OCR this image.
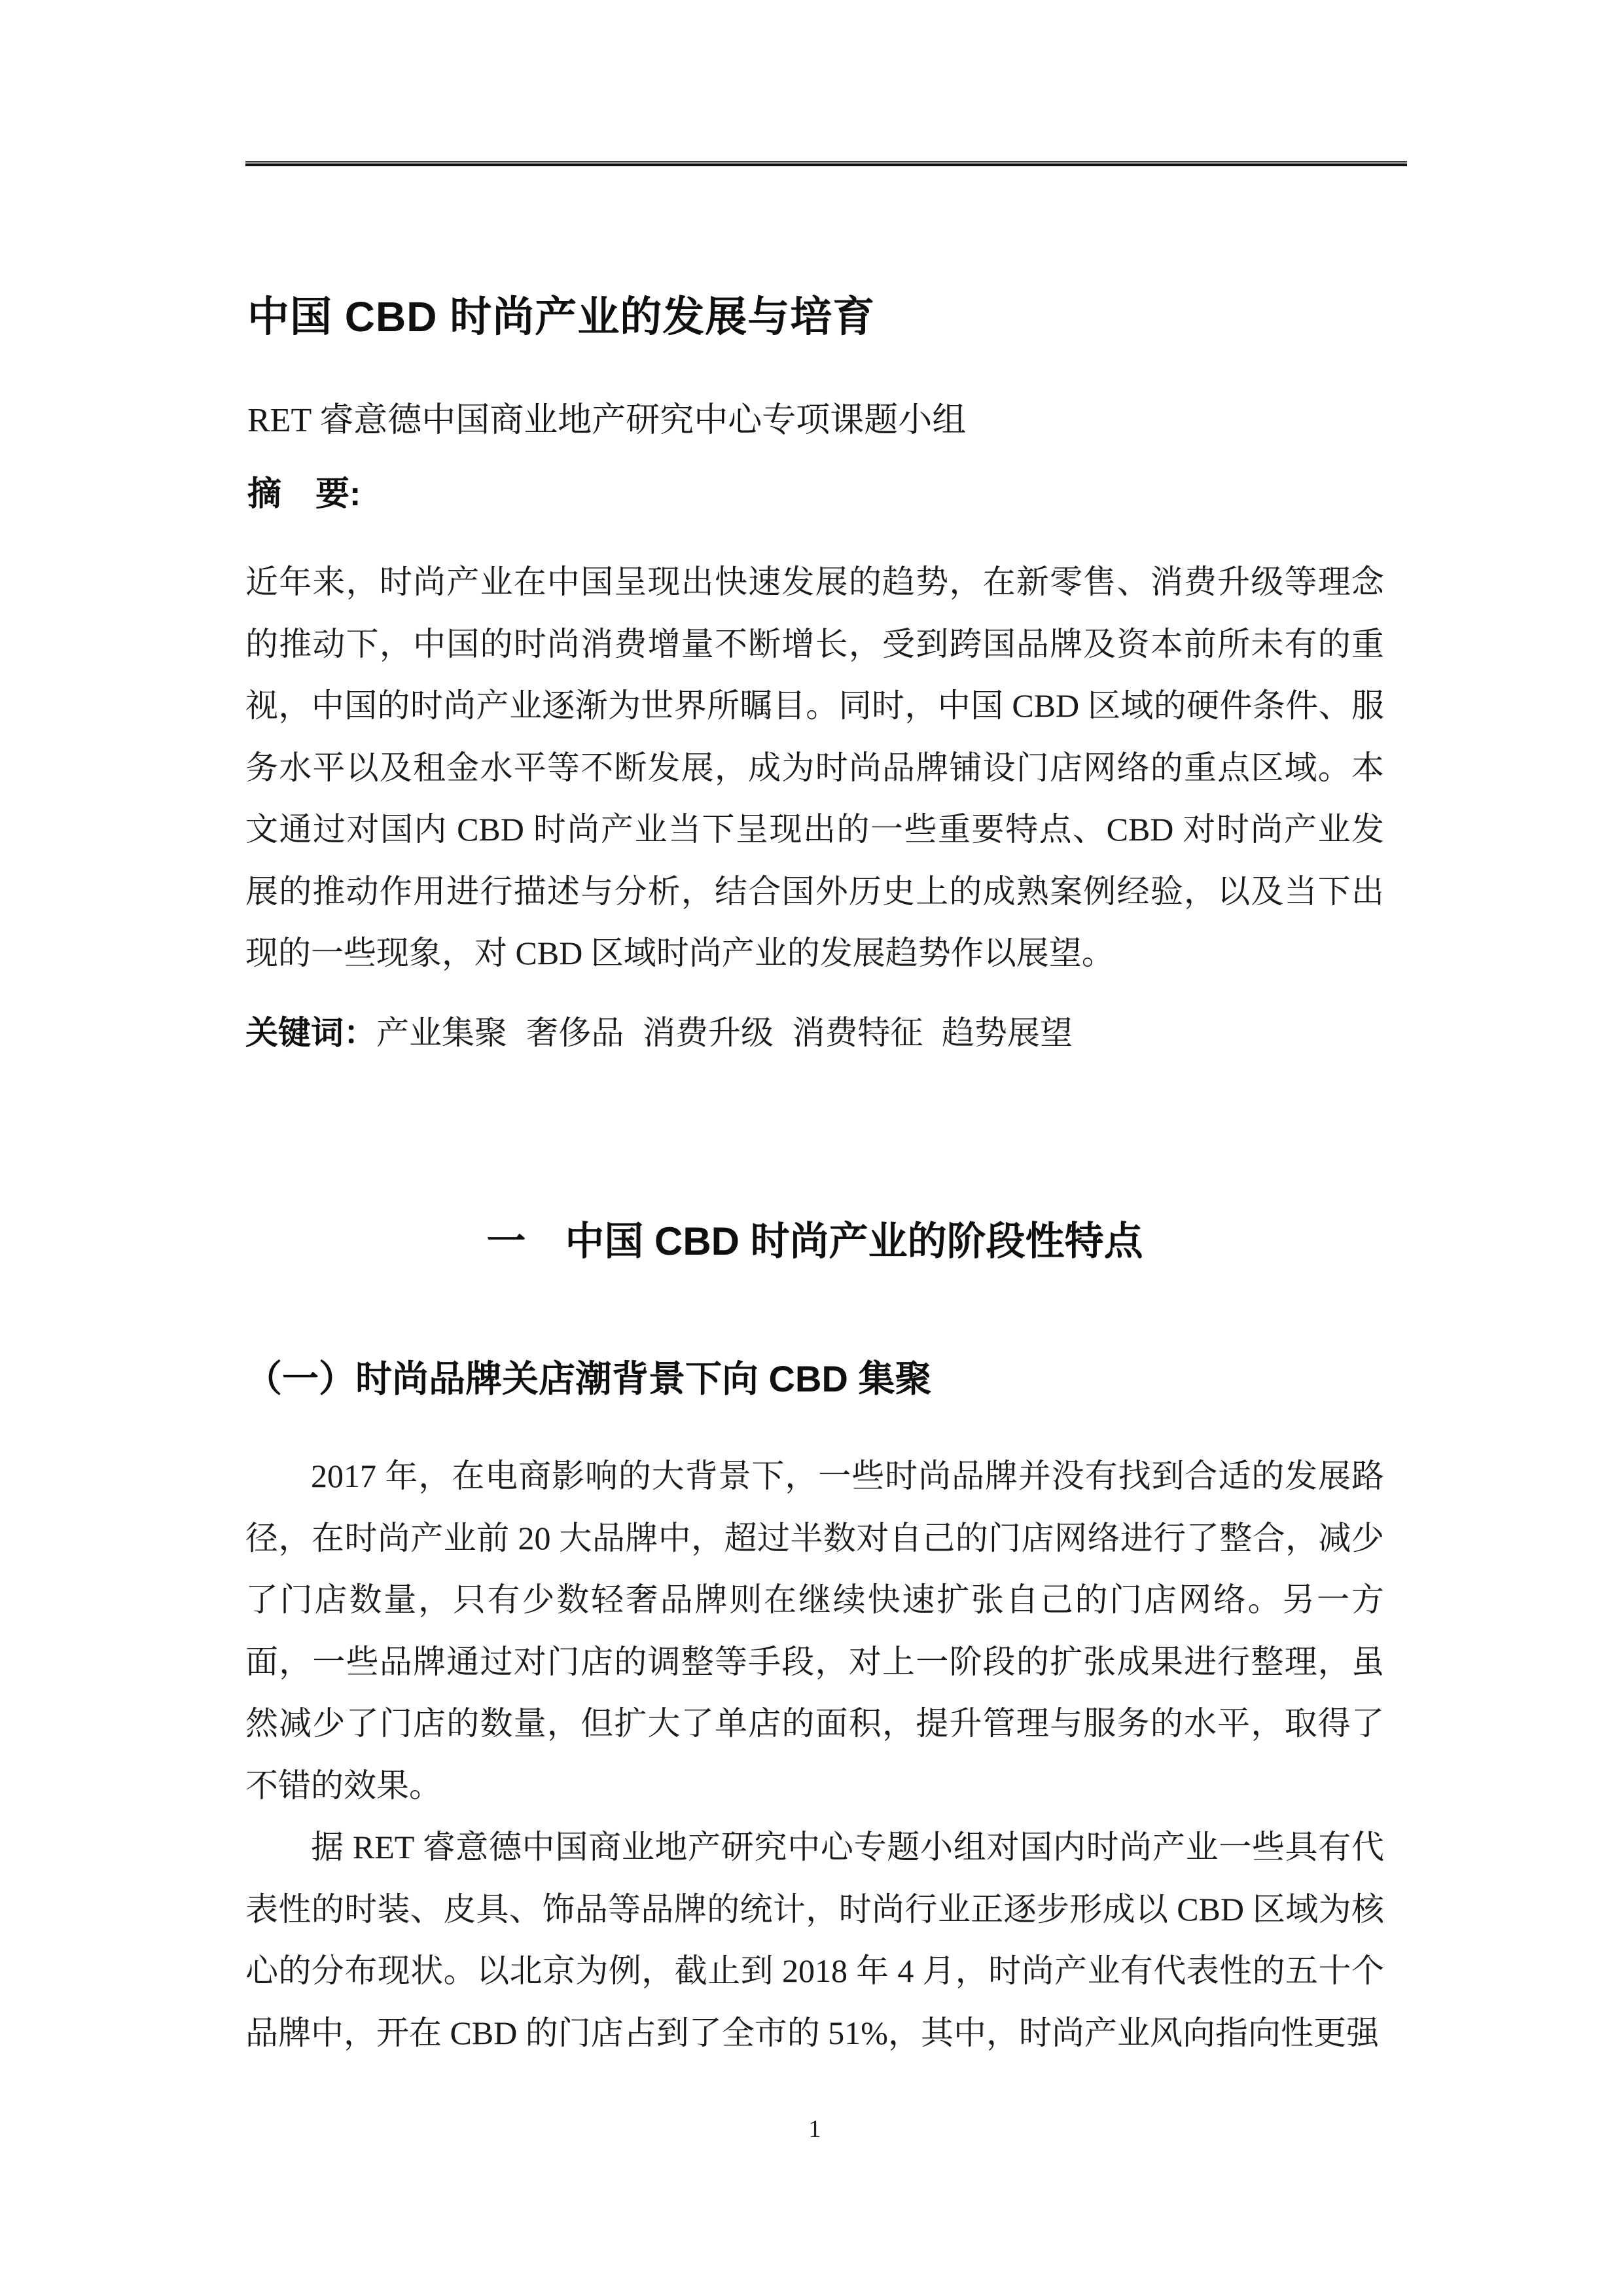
中国 CBD 时尚产业的发展与培育
RET 睿意德中国商业地产研究中心专项课题小组
摘　要:
近年来，时尚产业在中国呈现出快速发展的趋势，在新零售、消费升级等理念的推动下，中国的时尚消费增量不断增长，受到跨国品牌及资本前所未有的重视，中国的时尚产业逐渐为世界所瞩目。同时，中国 CBD 区域的硬件条件、服务水平以及租金水平等不断发展，成为时尚品牌铺设门店网络的重点区域。本文通过对国内 CBD 时尚产业当下呈现出的一些重要特点、CBD 对时尚产业发展的推动作用进行描述与分析，结合国外历史上的成熟案例经验，以及当下出现的一些现象，对 CBD 区域时尚产业的发展趋势作以展望。
关键词：产业集聚 奢侈品 消费升级 消费特征 趋势展望
一　中国 CBD 时尚产业的阶段性特点
（一）时尚品牌关店潮背景下向 CBD 集聚

2017 年，在电商影响的大背景下，一些时尚品牌并没有找到合适的发展路径，在时尚产业前 20 大品牌中，超过半数对自己的门店网络进行了整合，减少了门店数量，只有少数轻奢品牌则在继续快速扩张自己的门店网络。另一方面，一些品牌通过对门店的调整等手段，对上一阶段的扩张成果进行整理，虽然减少了门店的数量，但扩大了单店的面积，提升管理与服务的水平，取得了不错的效果。

据 RET 睿意德中国商业地产研究中心专题小组对国内时尚产业一些具有代表性的时装、皮具、饰品等品牌的统计，时尚行业正逐步形成以 CBD 区域为核心的分布现状。以北京为例，截止到 2018 年 4 月，时尚产业有代表性的五十个品牌中，开在 CBD 的门店占到了全市的 51%，其中，时尚产业风向指向性更强

1
